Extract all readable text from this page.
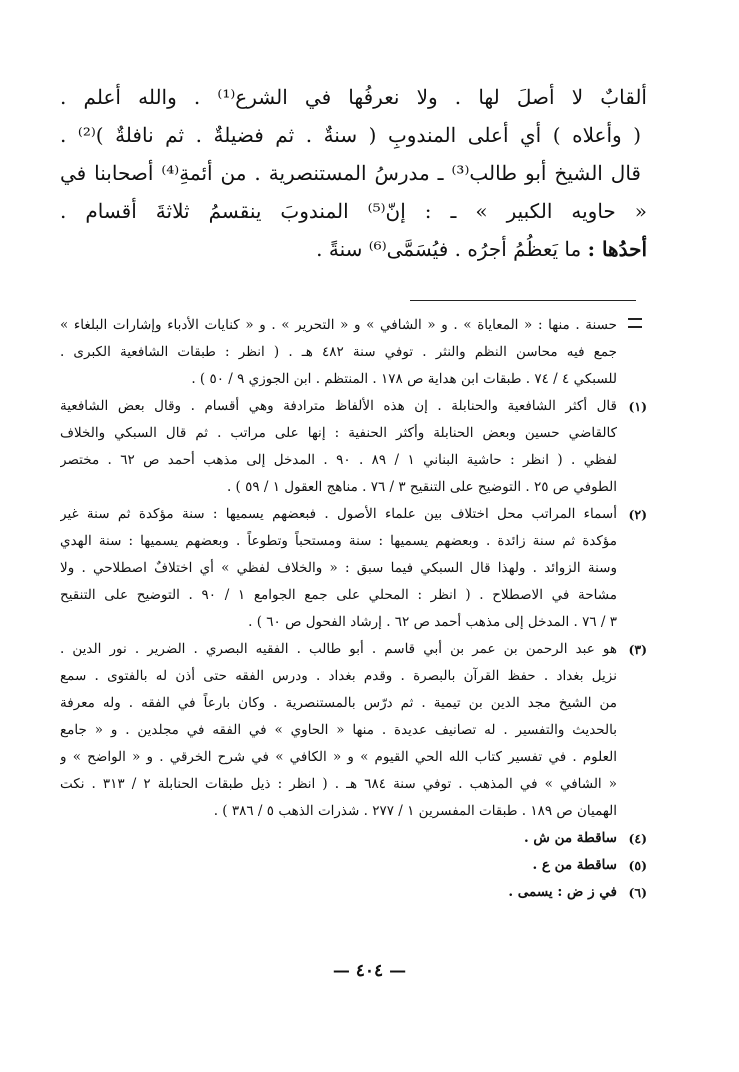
ألقابٌ لا أصلَ لها . ولا نعرفُها في الشرع⁽¹⁾ . والله أعلم .

( وأعلاه ) أي أعلى المندوبِ ( سنةٌ . ثم فضيلةٌ . ثم نافلةٌ )⁽²⁾ .

قال الشيخ أبو طالب⁽³⁾ ـ مدرسُ المستنصرية . من أئمةِ⁽⁴⁾ أصحابنا في

« حاويه الكبير » ـ : إنّ⁽⁵⁾ المندوبَ ينقسمُ ثلاثةَ أقسام .

أحدُها : ما يَعظُمُ أجرُه . فيُسَمَّى⁽⁶⁾ سنةً .

حسنة . منها : « المعاياة » . و « الشافي » و « التحرير » . و « كنايات الأدباء وإشارات البلغاء »
جمع فيه محاسن النظم والنثر . توفي سنة ٤٨٢ هـ . ( انظر : طبقات الشافعية الكبرى .
للسبكي ٤ / ٧٤ . طبقات ابن هداية ص ١٧٨ . المنتظم . ابن الجوزي ٩ / ٥٠ ) .
(١)
قال أكثر الشافعية والحنابلة . إن هذه الألفاظ مترادفة وهي أقسام . وقال بعض الشافعية
كالقاضي حسين وبعض الحنابلة وأكثر الحنفية : إنها على مراتب . ثم قال السبكي والخلاف
لفظي . ( انظر : حاشية البناني ١ / ٨٩ . ٩٠ . المدخل إلى مذهب أحمد ص ٦٢ . مختصر
الطوفي ص ٢٥ . التوضيح على التنقيح ٣ / ٧٦ . مناهج العقول ١ / ٥٩ ) .
(٢)
أسماء المراتب محل اختلاف بين علماء الأصول . فبعضهم يسميها : سنة مؤكدة ثم سنة غير
مؤكدة ثم سنة زائدة . وبعضهم يسميها : سنة ومستحباً وتطوعاً . وبعضهم يسميها : سنة الهدي
وسنة الزوائد . ولهذا قال السبكي فيما سبق : « والخلاف لفظي » أي اختلافٌ اصطلاحي . ولا
مشاحة في الاصطلاح . ( انظر : المحلي على جمع الجوامع ١ / ٩٠ . التوضيح على التنقيح
٣ / ٧٦ . المدخل إلى مذهب أحمد ص ٦٢ . إرشاد الفحول ص ٦٠ ) .
(٣)
هو عبد الرحمن بن عمر بن أبي قاسم . أبو طالب . الفقيه البصري . الضرير . نور الدين .
نزيل بغداد . حفظ القرآن بالبصرة . وقدم بغداد . ودرس الفقه حتى أذن له بالفتوى . سمع
من الشيخ مجد الدين بن تيمية . ثم درّس بالمستنصرية . وكان بارعاً في الفقه . وله معرفة
بالحديث والتفسير . له تصانيف عديدة . منها « الحاوي » في الفقه في مجلدين . و « جامع
العلوم . في تفسير كتاب الله الحي القيوم » و « الكافي » في شرح الخرقي . و « الواضح » و
« الشافي » في المذهب . توفي سنة ٦٨٤ هـ . ( انظر : ذيل طبقات الحنابلة ٢ / ٣١٣ . نكت
الهميان ص ١٨٩ . طبقات المفسرين ١ / ٢٧٧ . شذرات الذهب ٥ / ٣٨٦ ) .
(٤)
ساقطة من ش .
(٥)
ساقطة من ع .
(٦)
في ز ض : يسمى .
— ٤٠٤ —
